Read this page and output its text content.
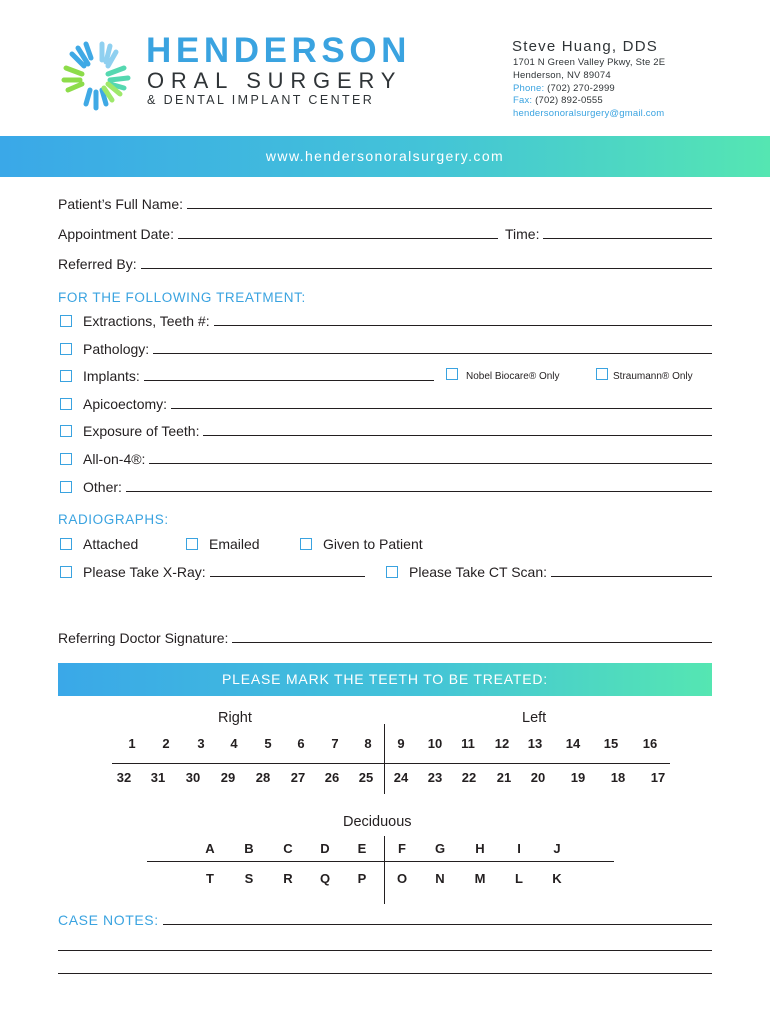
HENDERSON
ORAL SURGERY
& DENTAL IMPLANT CENTER
Steve Huang, DDS
1701 N Green Valley Pkwy, Ste 2E
Henderson, NV 89074
Phone: (702) 270-2999
Fax: (702) 892-0555
hendersonoralsurgery@gmail.com
www.hendersonoralsurgery.com
Patient’s Full Name:
Appointment Date:	Time:
Referred By:
FOR THE FOLLOWING TREATMENT:
Extractions, Teeth #:
Pathology:
Implants:	Nobel Biocare® Only	Straumann® Only
Apicoectomy:
Exposure of Teeth:
All-on-4®:
Other:
RADIOGRAPHS:
Attached	Emailed	Given to Patient
Please Take X-Ray:	Please Take CT Scan:
Referring Doctor Signature:
PLEASE MARK THE TEETH TO BE TREATED:
Right	Left
1	2	3	4	5	6	7	8	9	10	11	12	13	14	15	16
32	31	30	29	28	27	26	25	24	23	22	21	20	19	18	17
Deciduous
A	B	C	D	E	F	G	H	I	J
T	S	R	Q	P	O	N	M	L	K
CASE NOTES:
